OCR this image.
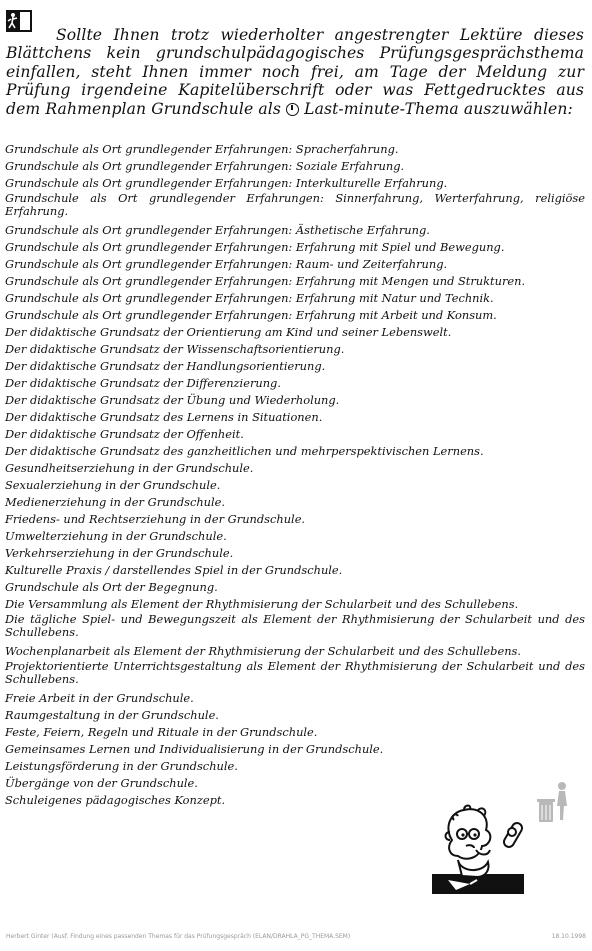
Sollte Ihnen trotz wiederholter angestrengter Lektüre dieses Blättchens kein grundschulpädagogisches Prüfungsgesprächsthema einfallen, steht Ihnen immer noch frei, am Tage der Meldung zur Prüfung irgendeine Kapitelüberschrift oder was Fettgedrucktes aus dem Rahmenplan Grundschule als Last-minute-Thema auszuwählen:

Grundschule als Ort grundlegender Erfahrungen: Spracherfahrung.
Grundschule als Ort grundlegender Erfahrungen: Soziale Erfahrung.
Grundschule als Ort grundlegender Erfahrungen: Interkulturelle Erfahrung.
Grundschule als Ort grundlegender Erfahrungen: Sinnerfahrung, Werterfahrung, religiöse Erfahrung.
Grundschule als Ort grundlegender Erfahrungen: Ästhetische Erfahrung.
Grundschule als Ort grundlegender Erfahrungen: Erfahrung mit Spiel und Bewegung.
Grundschule als Ort grundlegender Erfahrungen: Raum- und Zeiterfahrung.
Grundschule als Ort grundlegender Erfahrungen: Erfahrung mit Mengen und Strukturen.
Grundschule als Ort grundlegender Erfahrungen: Erfahrung mit Natur und Technik.
Grundschule als Ort grundlegender Erfahrungen: Erfahrung mit Arbeit und Konsum.
Der didaktische Grundsatz der Orientierung am Kind und seiner Lebenswelt.
Der didaktische Grundsatz der Wissenschaftsorientierung.
Der didaktische Grundsatz der Handlungsorientierung.
Der didaktische Grundsatz der Differenzierung.
Der didaktische Grundsatz der Übung und Wiederholung.
Der didaktische Grundsatz des Lernens in Situationen.
Der didaktische Grundsatz der Offenheit.
Der didaktische Grundsatz des ganzheitlichen und mehrperspektivischen Lernens.
Gesundheitserziehung in der Grundschule.
Sexualerziehung in der Grundschule.
Medienerziehung in der Grundschule.
Friedens- und Rechtserziehung in der Grundschule.
Umwelterziehung in der Grundschule.
Verkehrserziehung in der Grundschule.
Kulturelle Praxis / darstellendes Spiel in der Grundschule.
Grundschule als Ort der Begegnung.
Die Versammlung als Element der Rhythmisierung der Schularbeit und des Schullebens.
Die tägliche Spiel- und Bewegungszeit als Element der Rhythmisierung der Schularbeit und des Schullebens.
Wochenplanarbeit als Element der Rhythmisierung der Schularbeit und des Schullebens.
Projektorientierte Unterrichtsgestaltung als Element der Rhythmisierung der Schularbeit und des Schullebens.
Freie Arbeit in der Grundschule.
Raumgestaltung in der Grundschule.
Feste, Feiern, Regeln und Rituale in der Grundschule.
Gemeinsames Lernen und Individualisierung in der Grundschule.
Leistungsförderung in der Grundschule.
Übergänge von der Grundschule.
Schuleigenes pädagogisches Konzept.
Herbert Ginter (Ausf. Findung eines passenden Themas für das Prüfungsgespräch (ELAN/DRAHLA_PG_THEMA.SEM)	18.10.1998
